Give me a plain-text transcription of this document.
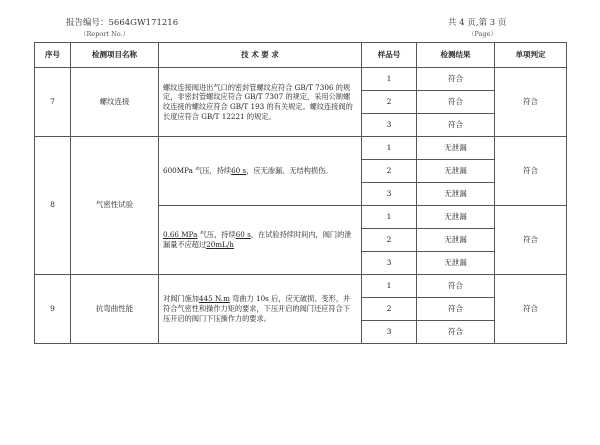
报告编号：5664GW171216
（Report No.）
共 4 页,第 3 页
（Page）
序号	检测项目名称	技 术 要 求	样品号	检测结果	单项判定
7	螺纹连接	螺纹连接阀进出气口的密封管螺纹应符合 GB/T 7306 的规定，非密封管螺纹应符合 GB/T 7307 的规定，采用公制螺纹连接的螺纹应符合 GB/T 193 的有关规定。螺纹连接阀的长度应符合 GB/T 12221 的规定。	1	符合	符合
			2	符合	
			3	符合	
8	气密性试验	600MPa 气压，持续60 s，应无渗漏、无结构损伤。	1	无泄漏	符合
			2	无泄漏	
			3	无泄漏	
		0.66 MPa 气压，持续60 s，在试验持续时间内，阀门的泄漏量不应超过20mL/h	1	无泄漏	符合
			2	无泄漏	
			3	无泄漏	
9	抗弯曲性能	对阀门施加445 N.m 弯曲力 10s 后，应无破损、变形，并符合气密性和操作力矩的要求，下压开启的阀门还应符合下压开启的阀门下压操作力的要求。	1	符合	符合
			2	符合	
			3	符合	
